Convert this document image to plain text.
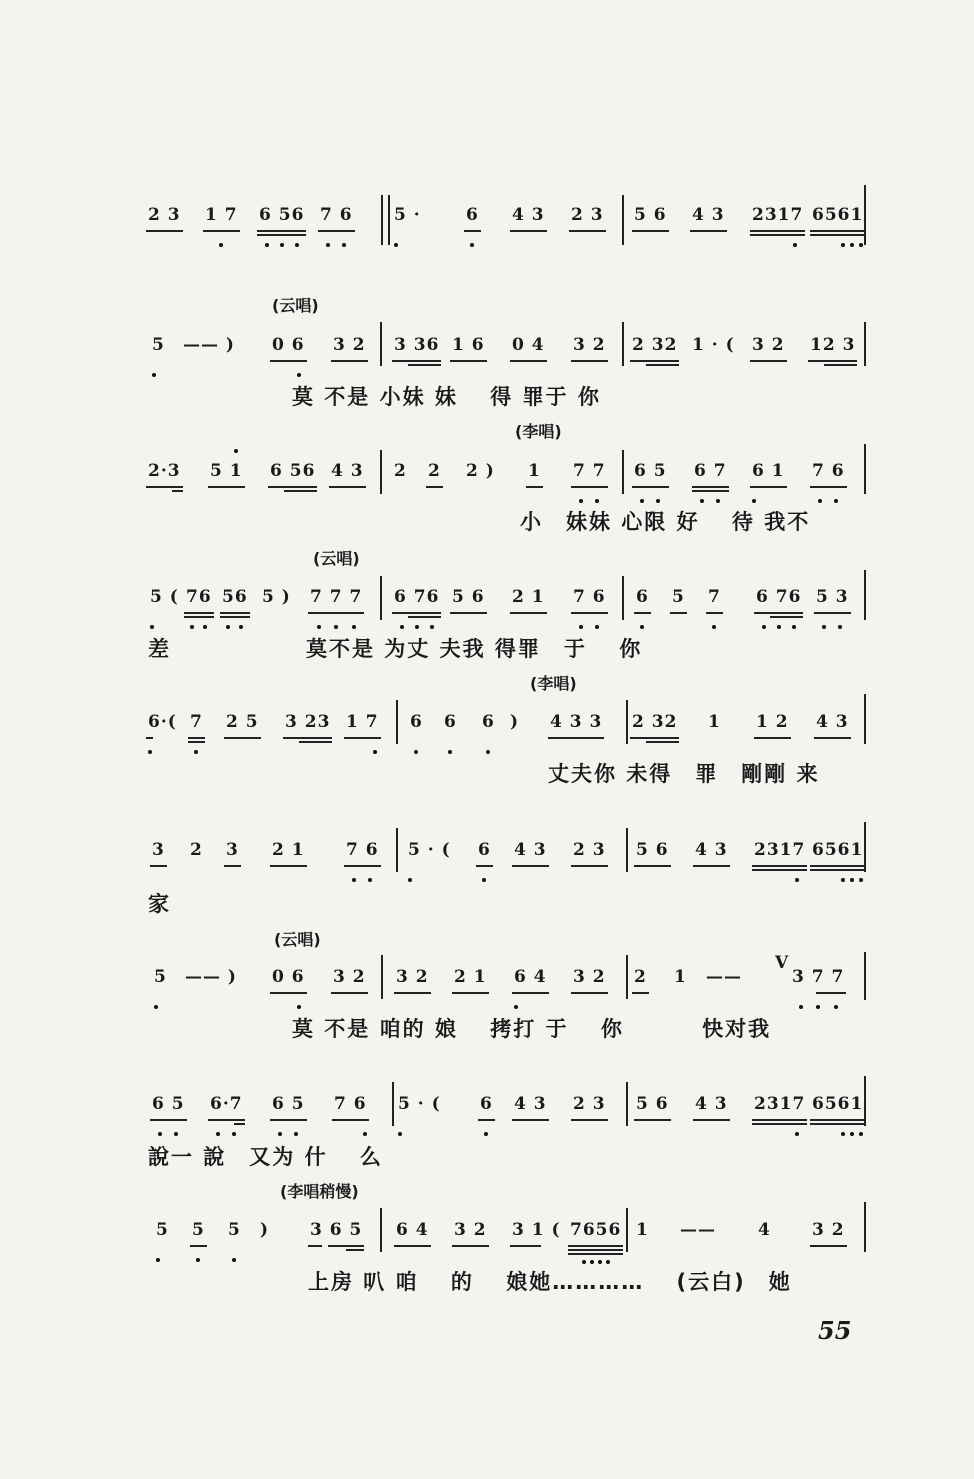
2 3 1 7 6 56 7 6 5 ·	6 4 3 2 3 5 6 4 3 2317 6561
(云唱)
5 —— ) 0 6 3 2 3 36 1 6 0 4 3 2 2 32 1 · ( 3 2 12 3
莫 不是 小妹 妹　 得 罪于 你
(李唱)
2·3 5 1 6 56 4 3 2 2 2 ) 1 7 7 6 5 6 7 6 1 7 6
小　妹妹 心限 好　 待 我不
(云唱)
5 ( 76 56 5 ) 7 7 7 6 76 5 6 2 1 7 6 6 5 7 6 76 5 3
差	莫不是 为丈 夫我 得罪　于　 你
(李唱)
6·( 7 2 5 3 23 1 7 6 6 6 ) 4 3 3 2 32 1 1 2 4 3
丈夫你 未得　罪　剛剛 来
3 2 3 2 1 7 6 5 · ( 6 4 3 2 3 5 6 4 3 2317 6561
家
(云唱)
5 —— ) 0 6 3 2 3 2 2 1 6 4 3 2 2 1 ——
V
3 7 7
莫 不是 咱的 娘　 拷打 于　 你　　　 快对我
6 5 6·7 6 5 7 6 5 · ( 6 4 3 2 3 5 6 4 3 2317 6561
說一 說　又为 什　 么
(李唱稍慢)
5 5 5 ) 3 6 5 6 4 3 2 3 1 ( 7656 1 —— 4 3 2
上房 叭 咱　 的　 娘她…………　 (云白)　她
55
